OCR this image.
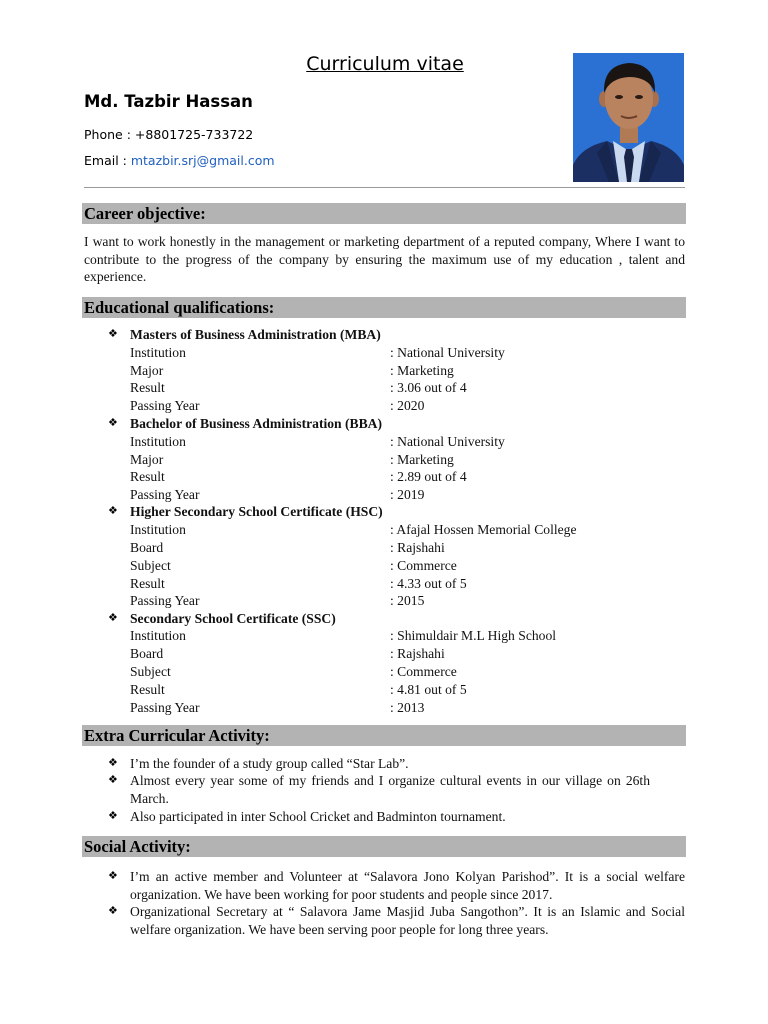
Curriculum vitae
Md. Tazbir Hassan
Phone : +8801725-733722
Email : mtazbir.srj@gmail.com
Career objective:
I want to work honestly in the management or marketing department of a reputed company, Where I want to contribute to the progress of the company by ensuring the maximum use of my education , talent and experience.
Educational qualifications:
❖ Masters of Business Administration (MBA)
Institution	: National University
Major	: Marketing
Result	: 3.06 out of 4
Passing Year	: 2020
❖ Bachelor of Business Administration (BBA)
Institution	: National University
Major	: Marketing
Result	: 2.89 out of 4
Passing Year	: 2019
❖ Higher Secondary School Certificate (HSC)
Institution	: Afajal Hossen Memorial College
Board	: Rajshahi
Subject	: Commerce
Result	: 4.33 out of 5
Passing Year	: 2015
❖ Secondary School Certificate (SSC)
Institution	: Shimuldair M.L High School
Board	: Rajshahi
Subject	: Commerce
Result	: 4.81 out of 5
Passing Year	: 2013
Extra Curricular Activity:
❖ I’m the founder of a study group called “Star Lab”.
❖ Almost every year some of my friends and I organize cultural events in our village on 26th March.
❖ Also participated in inter School Cricket and Badminton tournament.
Social Activity:
❖ I’m an active member and Volunteer at “Salavora Jono Kolyan Parishod”. It is a social welfare organization. We have been working for poor students and people since 2017.
❖ Organizational Secretary at “ Salavora Jame Masjid Juba Sangothon”. It is an Islamic and Social welfare organization. We have been serving poor people for long three years.
